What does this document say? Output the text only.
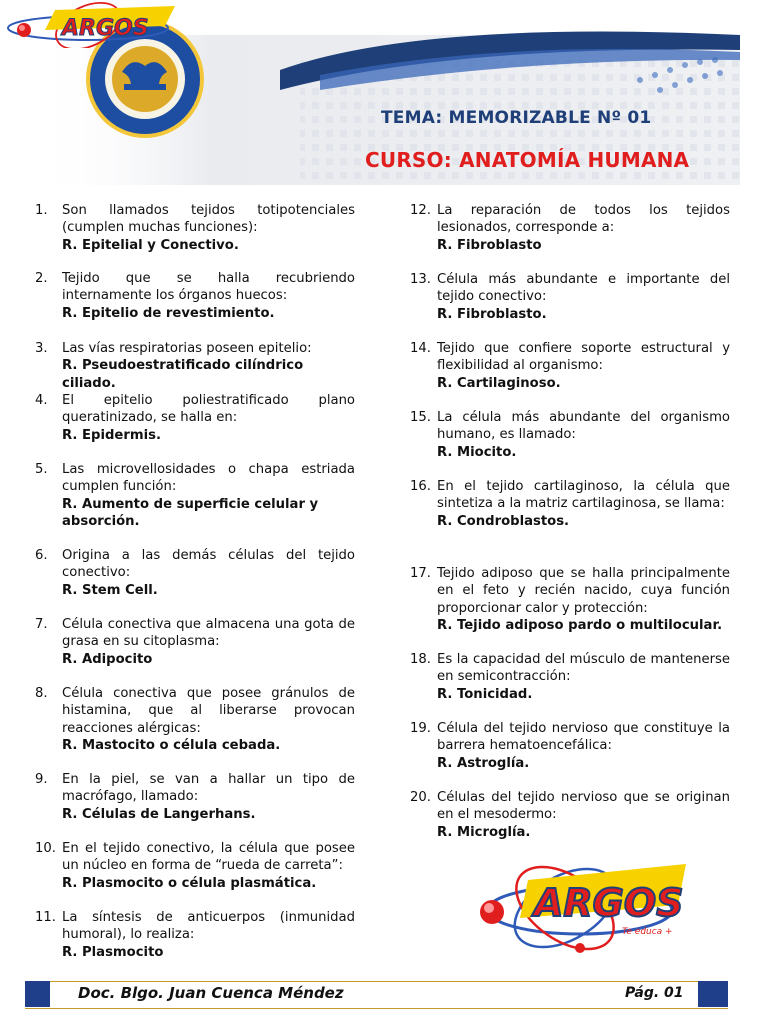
ARGOS
TEMA: MEMORIZABLE Nº 01
CURSO: ANATOMÍA HUMANA
1.	Son llamados tejidos totipotenciales (cumplen muchas funciones):
R. Epitelial y Conectivo.
2.	Tejido que se halla recubriendo internamente los órganos huecos:
R. Epitelio de revestimiento.
3.	Las vías respiratorias poseen epitelio:
R. Pseudoestratificado cilíndrico ciliado.
4.	El epitelio poliestratificado plano queratinizado, se halla en:
R. Epidermis.
5.	Las microvellosidades o chapa estriada cumplen función:
R. Aumento de superficie celular y absorción.
6.	Origina a las demás células del tejido conectivo:
R. Stem Cell.
7.	Célula conectiva que almacena una gota de grasa en su citoplasma:
R. Adipocito
8.	Célula conectiva que posee gránulos de histamina, que al liberarse provocan reacciones alérgicas:
R. Mastocito o célula cebada.
9.	En la piel, se van a hallar un tipo de macrófago, llamado:
R. Células de Langerhans.
10. En el tejido conectivo, la célula que posee un núcleo en forma de “rueda de carreta”:
R. Plasmocito o célula plasmática.
11. La síntesis de anticuerpos (inmunidad humoral), lo realiza:
R. Plasmocito
12. La reparación de todos los tejidos lesionados, corresponde a:
R. Fibroblasto
13. Célula más abundante e importante del tejido conectivo:
R. Fibroblasto.
14. Tejido que confiere soporte estructural y flexibilidad al organismo:
R. Cartilaginoso.
15. La célula más abundante del organismo humano, es llamado:
R. Miocito.
16. En el tejido cartilaginoso, la célula que sintetiza a la matriz cartilaginosa, se llama:
R. Condroblastos.
17. Tejido adiposo que se halla principalmente en el feto y recién nacido, cuya función proporcionar calor y protección:
R. Tejido adiposo pardo o multilocular.
18. Es la capacidad del músculo de mantenerse en semicontracción:
R. Tonicidad.
19. Célula del tejido nervioso que constituye la barrera hematoencefálica:
R. Astroglía.
20. Células del tejido nervioso que se originan en el mesodermo:
R. Microglía.
ARGOS
Te educa +
Doc. Blgo. Juan Cuenca Méndez	Pág. 01
